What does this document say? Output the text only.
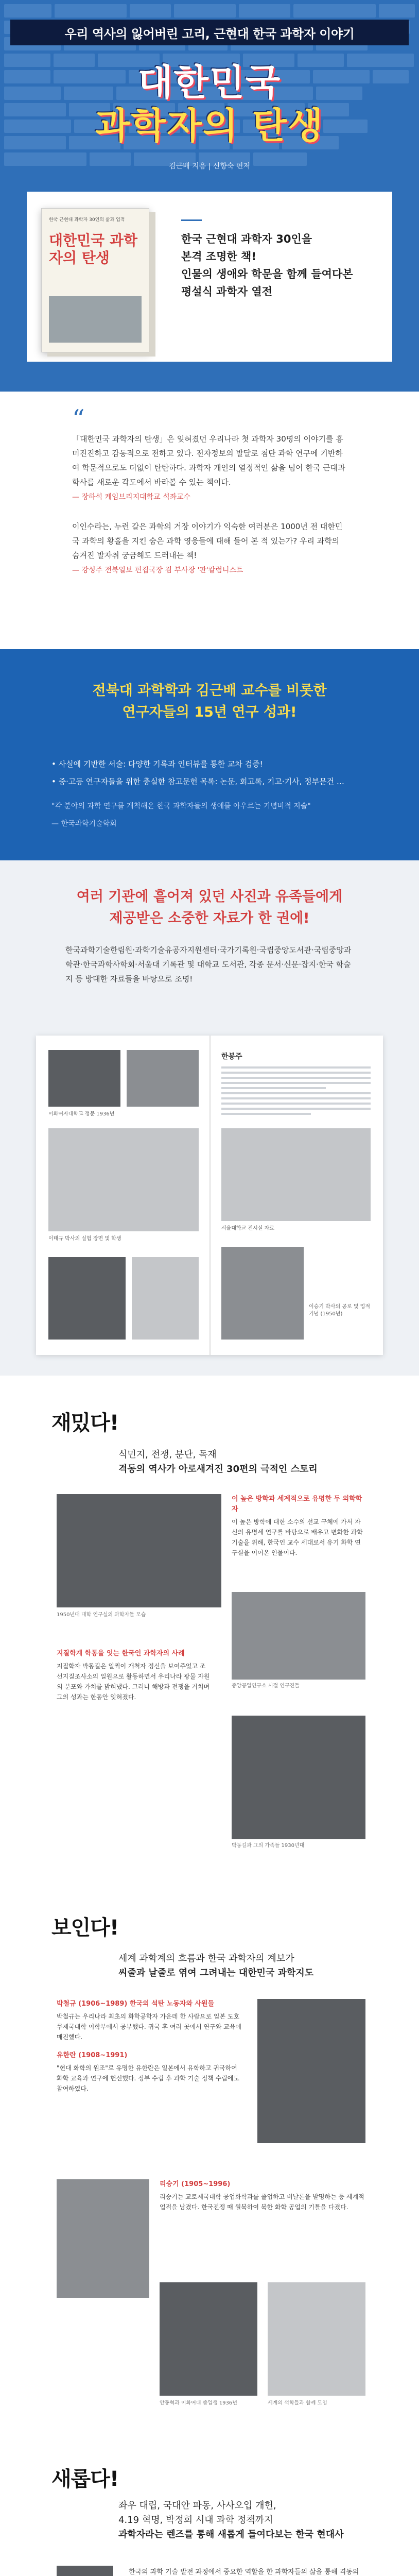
우리 역사의 잃어버린 고리, 근현대 한국 과학자 이야기
대한민국
과학자의 탄생
김근배 지음 | 신향숙 편저
한국 근현대 과학자 30인의 삶과 업적
대한민국 과학자의 탄생

한국 근현대 과학자 30인을

본격 조명한 책!

인물의 생애와 학문을 함께 들여다본

평설식 과학자 열전

“

「대한민국 과학자의 탄생」은 잊혀졌던 우리나라 첫 과학자 30명의 이야기를 흥미진진하고 감동적으로 전하고 있다. 전자정보의 발달로 첨단 과학 연구에 기반하여 학문적으로도 더없이 탄탄하다. 과학자 개인의 열정적인 삶을 넘어 한국 근대과학사를 새로운 각도에서 바라볼 수 있는 책이다.

— 장하석 케임브리지대학교 석좌교수

이인수라는, 누런 갈은 과학의 거장 이야기가 익숙한 여러분은 1000년 전 대한민국 과학의 황홀을 지킨 숨은 과학 영웅들에 대해 들어 본 적 있는가? 우리 과학의 숨겨진 발자취 궁금해도 드러내는 책!

— 강성주 전북일보 편집국장 겸 부사장 '판'칼럼니스트
전북대 과학학과 김근배 교수를 비롯한
연구자들의 15년 연구 성과!

• 사실에 기반한 서술: 다양한 기록과 인터뷰를 통한 교차 검증!

• 중·고등 연구자들을 위한 충실한 참고문헌 목록: 논문, 회고록, 기고·기사, 정부문건 …

"각 분야의 과학 연구를 개척해온 한국 과학자들의 생애를 아우르는 기념비적 저술"

— 한국과학기술학회

여러 기관에 흩어져 있던 사진과 유족들에게
제공받은 소중한 자료가 한 권에!

한국과학기술한림원·과학기술유공자지원센터·국가기록원·국립중앙도서관·국립중앙과학관·한국과학사학회·서울대 기록관 및 대학교 도서관, 각종 문서·신문·잡지·한국 학술지 등 방대한 자료들을 바탕으로 조명!

이화여자대학교 정문 1936년
이태규 박사의 실험 장면 및 학생
한봉주
서울대학교 전시실 자료
이승기 박사의 공로 및 업적 기념 (1950년)
재밌다!
식민지, 전쟁, 분단, 독재
격동의 역사가 아로새겨진 30편의 극적인 스토리
1950년대 대학 연구실의 과학자들 모습
이 높은 방학과 세계적으로 유명한 두 의학학자
이 높은 방학에 대한 소수의 선교 구체에 가서 자신의 유명세 연구를 바탕으로 배우고 변화한 과학 기술을 위해, 한국인 교수 세대로서 유기 화학 연구실을 이어온 인물이다.
중앙공업연구소 시절 연구진들
지질학계 학통을 잇는 한국인 과학자의 사례
지질학자 박동길은 일찍이 개척자 정신을 보여주었고 조선지질조사소의 일원으로 활동하면서 우리나라 광물 자원의 분포와 가치를 밝혀냈다. 그러나 해방과 전쟁을 거치며 그의 성과는 한동안 잊혀졌다.
박동길과 그의 가족들 1930년대
보인다!
세계 과학계의 흐름과 한국 과학자의 계보가
씨줄과 날줄로 엮여 그려내는 대한민국 과학지도
박철규 (1906~1989) 한국의 석탄 노동자와 사원들
박철규는 우리나라 최초의 화학공학자 가운데 한 사람으로 일본 도호쿠제국대학 이학부에서 공부했다. 귀국 후 여러 곳에서 연구와 교육에 매진했다.
유한란 (1908~1991)
"현대 화학의 원조"로 유명한 유한란은 일본에서 유학하고 귀국하여 화학 교육과 연구에 헌신했다. 정부 수립 후 과학 기술 정책 수립에도 참여하였다.
리승기 (1905~1996)
리승기는 교토제국대학 공업화학과를 졸업하고 비날론을 발명하는 등 세계적 업적을 남겼다. 한국전쟁 때 월북하여 북한 화학 공업의 기틀을 다졌다.
안동혁과 이화여대 졸업생 1936년	세계의 석학들과 함께 모임
새롭다!
좌우 대립, 국대안 파동, 사사오입 개헌,
4.19 혁명, 박정희 시대 과학 정책까지
과학자라는 렌즈를 통해 새롭게 들여다보는 한국 현대사
한국의 과학 기술 발전 과정에서 중요한 역할을 한 과학자들의 삶을 통해 격동의
